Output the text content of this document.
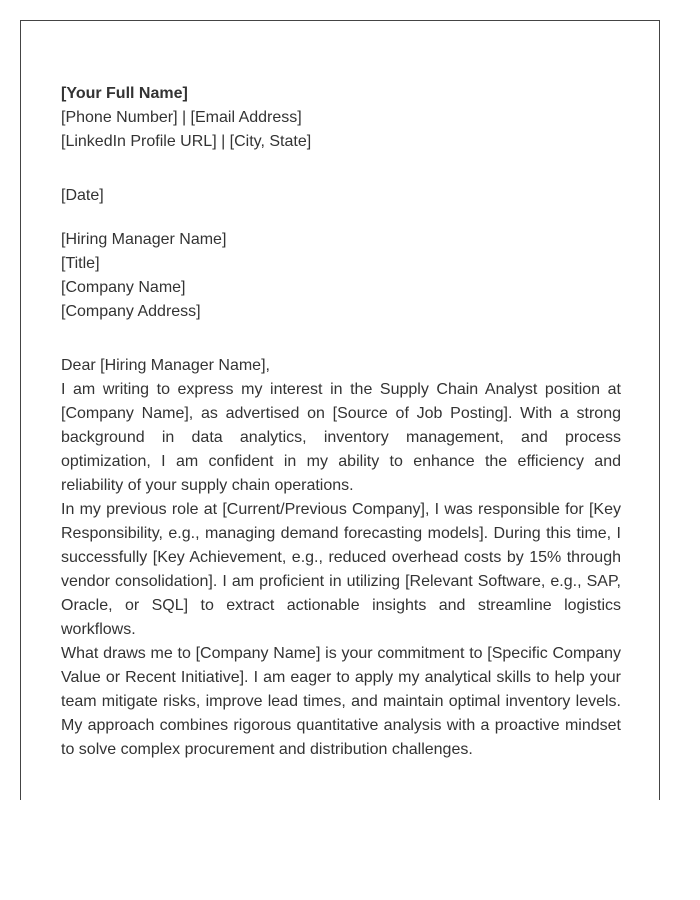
[Your Full Name]
[Phone Number] | [Email Address]
[LinkedIn Profile URL] | [City, State]
[Date]
[Hiring Manager Name]
[Title]
[Company Name]
[Company Address]
Dear [Hiring Manager Name],

I am writing to express my interest in the Supply Chain Analyst position at [Company Name], as advertised on [Source of Job Posting]. With a strong background in data analytics, inventory management, and process optimization, I am confident in my ability to enhance the efficiency and reliability of your supply chain operations.

In my previous role at [Current/Previous Company], I was responsible for [Key Responsibility, e.g., managing demand forecasting models]. During this time, I successfully [Key Achievement, e.g., reduced overhead costs by 15% through vendor consolidation]. I am proficient in utilizing [Relevant Software, e.g., SAP, Oracle, or SQL] to extract actionable insights and streamline logistics workflows.

What draws me to [Company Name] is your commitment to [Specific Company Value or Recent Initiative]. I am eager to apply my analytical skills to help your team mitigate risks, improve lead times, and maintain optimal inventory levels. My approach combines rigorous quantitative analysis with a proactive mindset to solve complex procurement and distribution challenges.
